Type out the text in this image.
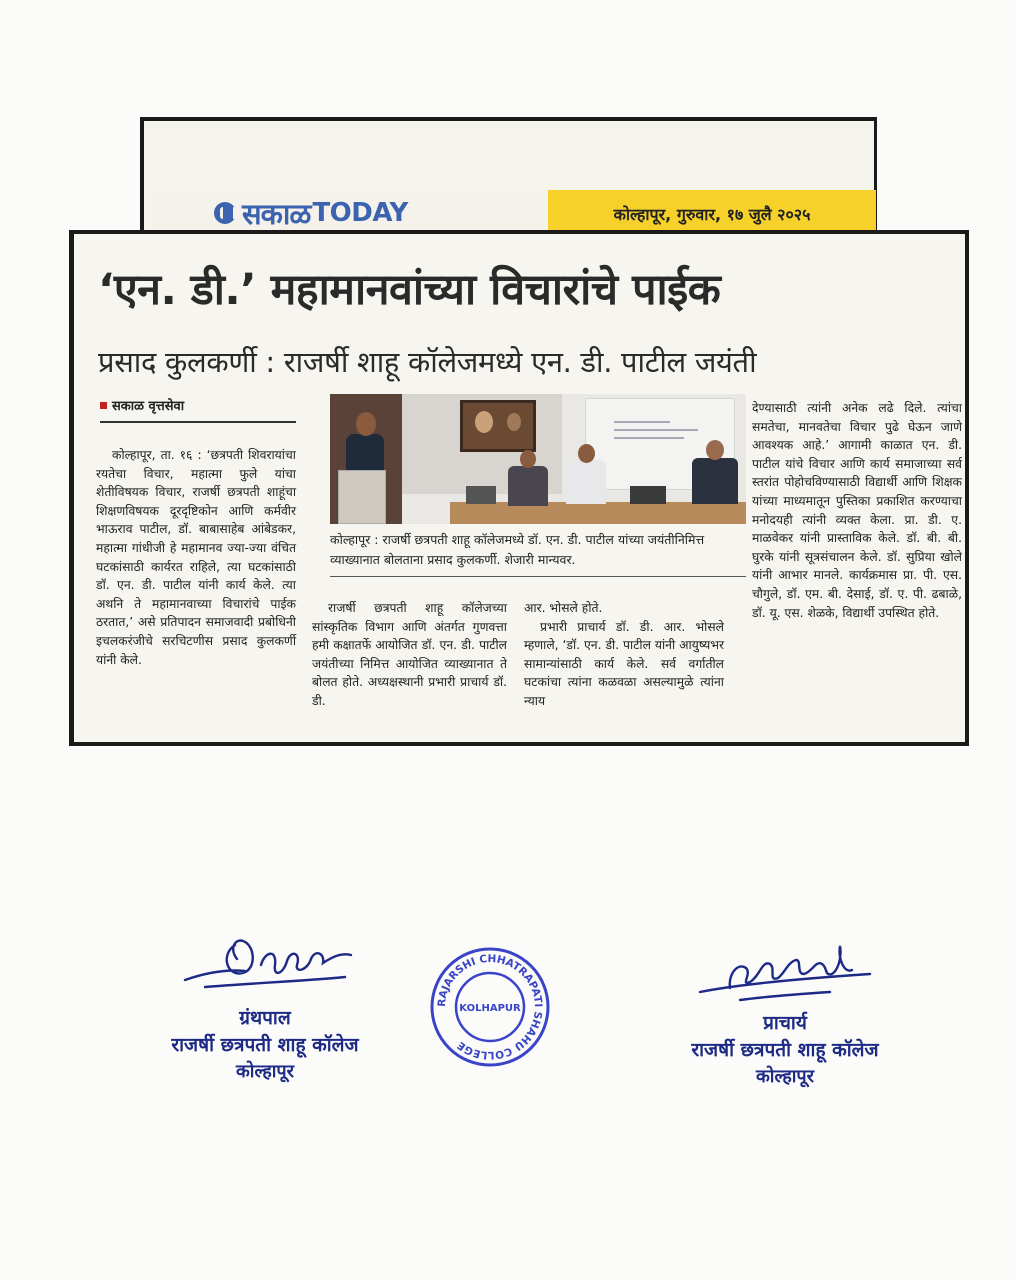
सकाळ TODAY	कोल्हापूर, गुरुवार, १७ जुलै २०२५
‘एन. डी.’ महामानवांच्या विचारांचे पाईक
प्रसाद कुलकर्णी : राजर्षी शाहू कॉलेजमध्ये एन. डी. पाटील जयंती
सकाळ वृत्तसेवा

कोल्हापूर, ता. १६ : ‘छत्रपती शिवरायांचा रयतेचा विचार, महात्मा फुले यांचा शेतीविषयक विचार, राजर्षी छत्रपती शाहूंचा शिक्षणविषयक दूरदृष्टिकोन आणि कर्मवीर भाऊराव पाटील, डॉ. बाबासाहेब आंबेडकर, महात्मा गांधीजी हे महामानव ज्या-ज्या वंचित घटकांसाठी कार्यरत राहिले, त्या घटकांसाठी डॉ. एन. डी. पाटील यांनी कार्य केले. त्या अथनि ते महामानवाच्या विचारांचे पाईक ठरतात,’ असे प्रतिपादन समाजवादी प्रबोधिनी इचलकरंजीचे सरचिटणीस प्रसाद कुलकर्णी यांनी केले.

कोल्हापूर : राजर्षी छत्रपती शाहू कॉलेजमध्ये डॉ. एन. डी. पाटील यांच्या जयंतीनिमित्त व्याख्यानात बोलताना प्रसाद कुलकर्णी. शेजारी मान्यवर.

राजर्षी छत्रपती शाहू कॉलेजच्या सांस्कृतिक विभाग आणि अंतर्गत गुणवत्ता हमी कक्षातर्फे आयोजित डॉ. एन. डी. पाटील जयंतीच्या निमित्त आयोजित व्याख्यानात ते बोलत होते. अध्यक्षस्थानी प्रभारी प्राचार्य डॉ. डी.

आर. भोसले होते.

प्रभारी प्राचार्य डॉ. डी. आर. भोसले म्हणाले, ‘डॉ. एन. डी. पाटील यांनी आयुष्यभर सामान्यांसाठी कार्य केले. सर्व वर्गातील घटकांचा त्यांना कळवळा असल्यामुळे त्यांना न्याय

देण्यासाठी त्यांनी अनेक लढे दिले. त्यांचा समतेचा, मानवतेचा विचार पुढे घेऊन जाणे आवश्यक आहे.’ आगामी काळात एन. डी. पाटील यांचे विचार आणि कार्य समाजाच्या सर्व स्तरांत पोहोचविण्यासाठी विद्यार्थी आणि शिक्षक यांच्या माध्यमातून पुस्तिका प्रकाशित करण्याचा मनोदयही त्यांनी व्यक्त केला. प्रा. डी. ए. माळवेकर यांनी प्रास्ताविक केले. डॉ. बी. बी. घुरके यांनी सूत्रसंचालन केले. डॉ. सुप्रिया खोले यांनी आभार मानले. कार्यक्रमास प्रा. पी. एस. चौगुले, डॉ. एम. बी. देसाई, डॉ. ए. पी. ढबाळे, डॉ. यू. एस. शेळके, विद्यार्थी उपस्थित होते.
ग्रंथपाल
राजर्षी छत्रपती शाहू कॉलेज
कोल्हापूर
RAJARSHI CHHATRAPATI SHAHU COLLEGE
KOLHAPUR
प्राचार्य
राजर्षी छत्रपती शाहू कॉलेज
कोल्हापूर
